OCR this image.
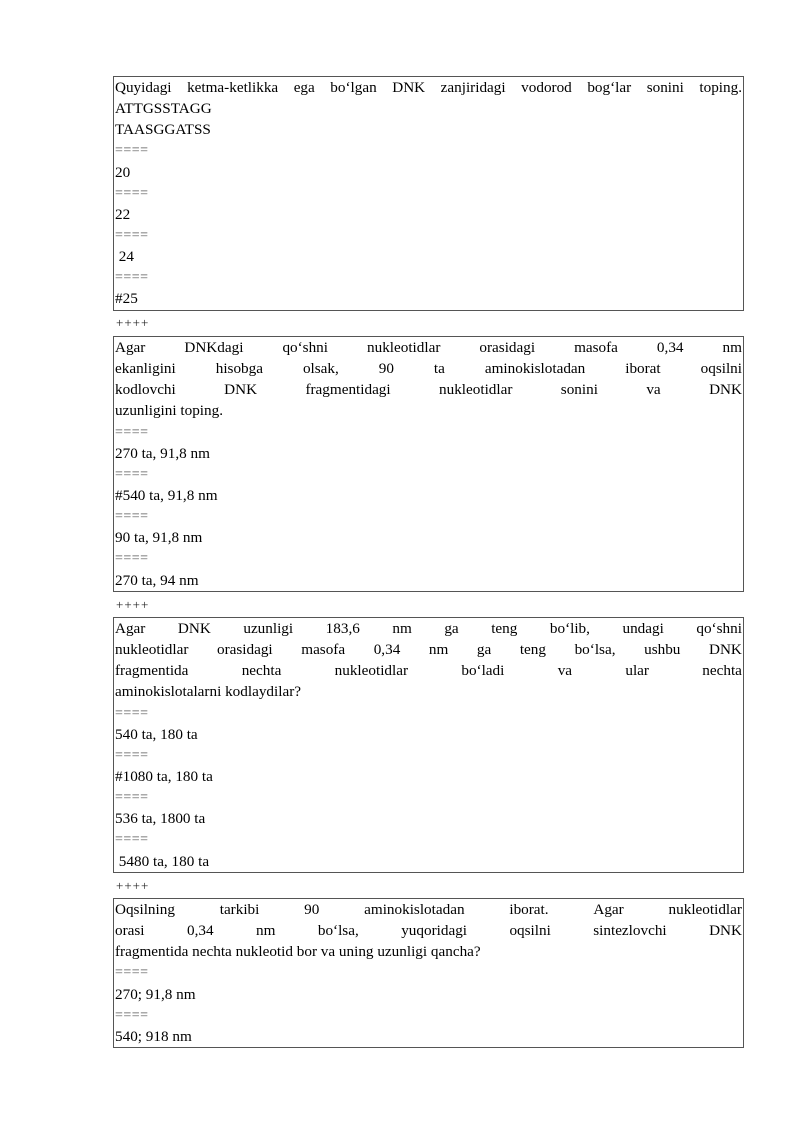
Quyidagi ketma-ketlikka ega bo‘lgan DNK zanjiridagi vodorod bog‘lar sonini toping.
ATTGSSTAGG
TAASGGATSS
====
20
====
22
====
24
====
#25
++++
Agar	DNKdagi	qo‘shni	nukleotidlar	orasidagi	masofa	0,34	nm
ekanligini	hisobga	olsak,	90	ta	aminokislotadan	iborat	oqsilni
kodlovchi	DNK	fragmentidagi	nukleotidlar	sonini	va	DNK
uzunligini toping.
====
270 ta, 91,8 nm
====
#540 ta, 91,8 nm
====
90 ta, 91,8 nm
====
270 ta, 94 nm
++++
Agar DNK uzunligi 183,6 nm ga teng bo‘lib, undagi qo‘shni
nukleotidlar orasidagi masofa 0,34 nm ga teng bo‘lsa, ushbu DNK
fragmentida	nechta	nukleotidlar	bo‘ladi	va	ular	nechta
aminokislotalarni kodlaydilar?
====
540 ta, 180 ta
====
#1080 ta, 180 ta
====
536 ta, 1800 ta
====
5480 ta, 180 ta
++++
Oqsilning	tarkibi	90	aminokislotadan	iborat.	Agar	nukleotidlar
orasi	0,34	nm	bo‘lsa,	yuqoridagi	oqsilni	sintezlovchi	DNK
fragmentida nechta nukleotid bor va uning uzunligi qancha?
====
270; 91,8 nm
====
540; 918 nm
